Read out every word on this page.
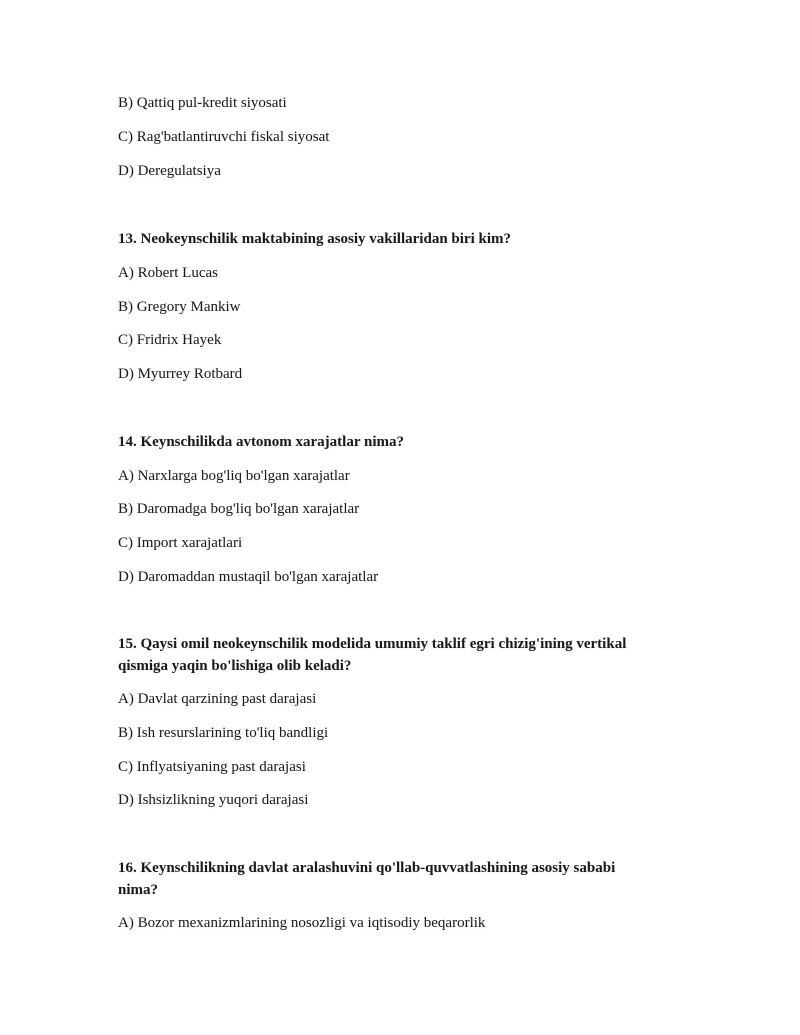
B) Qattiq pul-kredit siyosati
C) Rag'batlantiruvchi fiskal siyosat
D) Deregulatsiya
13. Neokeynschilik maktabining asosiy vakillaridan biri kim?
A) Robert Lucas
B) Gregory Mankiw
C) Fridrix Hayek
D) Myurrey Rotbard
14. Keynschilikda avtonom xarajatlar nima?
A) Narxlarga bog'liq bo'lgan xarajatlar
B) Daromadga bog'liq bo'lgan xarajatlar
C) Import xarajatlari
D) Daromaddan mustaqil bo'lgan xarajatlar
15. Qaysi omil neokeynschilik modelida umumiy taklif egri chizig'ining vertikal
qismiga yaqin bo'lishiga olib keladi?
A) Davlat qarzining past darajasi
B) Ish resurslarining to'liq bandligi
C) Inflyatsiyaning past darajasi
D) Ishsizlikning yuqori darajasi
16. Keynschilikning davlat aralashuvini qo'llab-quvvatlashining asosiy sababi
nima?
A) Bozor mexanizmlarining nosozligi va iqtisodiy beqarorlik
